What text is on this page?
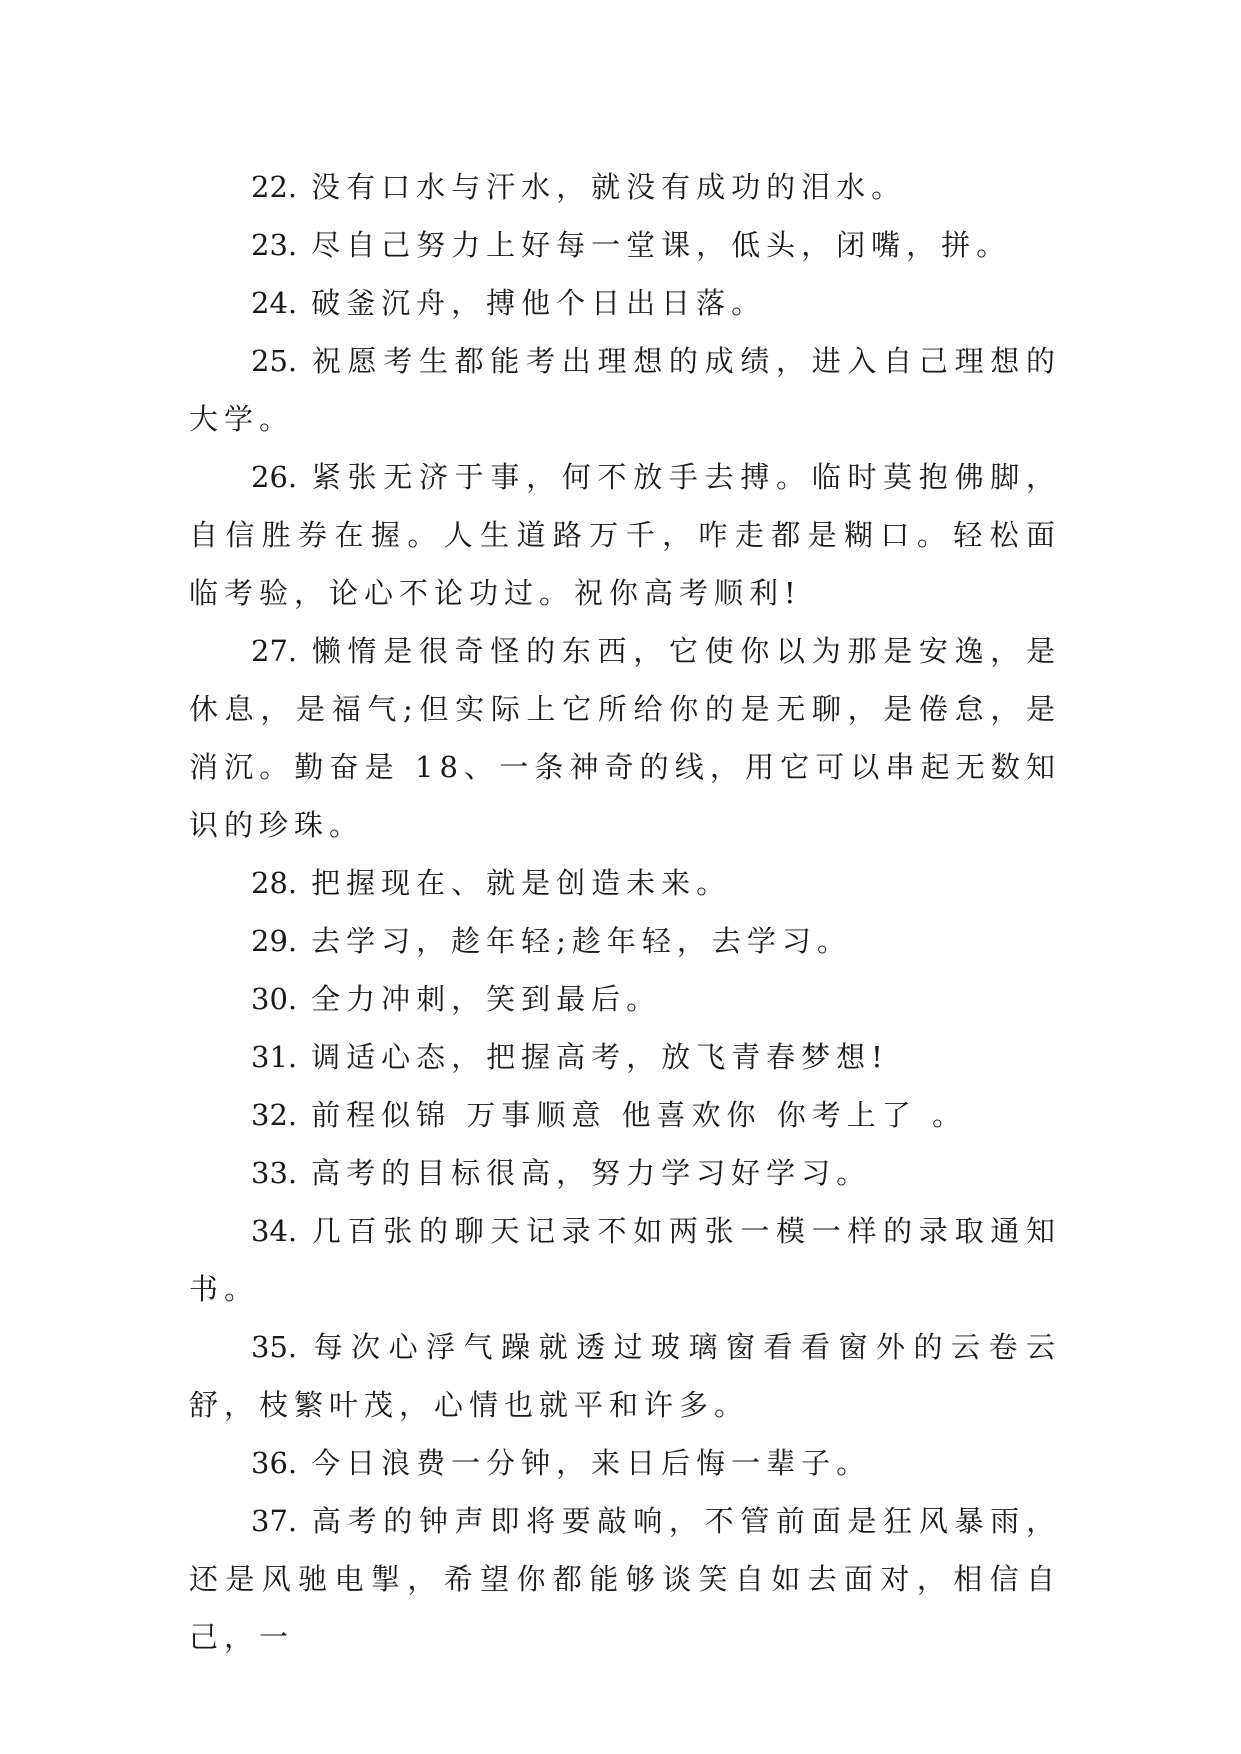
22. 没有口水与汗水，就没有成功的泪水。

23. 尽自己努力上好每一堂课，低头，闭嘴，拼。

24. 破釜沉舟，搏他个日出日落。

25. 祝愿考生都能考出理想的成绩，进入自己理想的大学。

26. 紧张无济于事，何不放手去搏。临时莫抱佛脚，自信胜券在握。人生道路万千，咋走都是糊口。轻松面临考验，论心不论功过。祝你高考顺利!

27. 懒惰是很奇怪的东西，它使你以为那是安逸，是休息，是福气;但实际上它所给你的是无聊，是倦怠，是消沉。勤奋是 18、一条神奇的线，用它可以串起无数知识的珍珠。

28. 把握现在、就是创造未来。

29. 去学习，趁年轻;趁年轻，去学习。

30. 全力冲刺，笑到最后。

31. 调适心态，把握高考，放飞青春梦想!

32. 前程似锦 万事顺意 他喜欢你 你考上了 。

33. 高考的目标很高，努力学习好学习。

34. 几百张的聊天记录不如两张一模一样的录取通知书。

35. 每次心浮气躁就透过玻璃窗看看窗外的云卷云舒，枝繁叶茂，心情也就平和许多。

36. 今日浪费一分钟，来日后悔一辈子。

37. 高考的钟声即将要敲响，不管前面是狂风暴雨，还是风驰电掣，希望你都能够谈笑自如去面对，相信自己，一
